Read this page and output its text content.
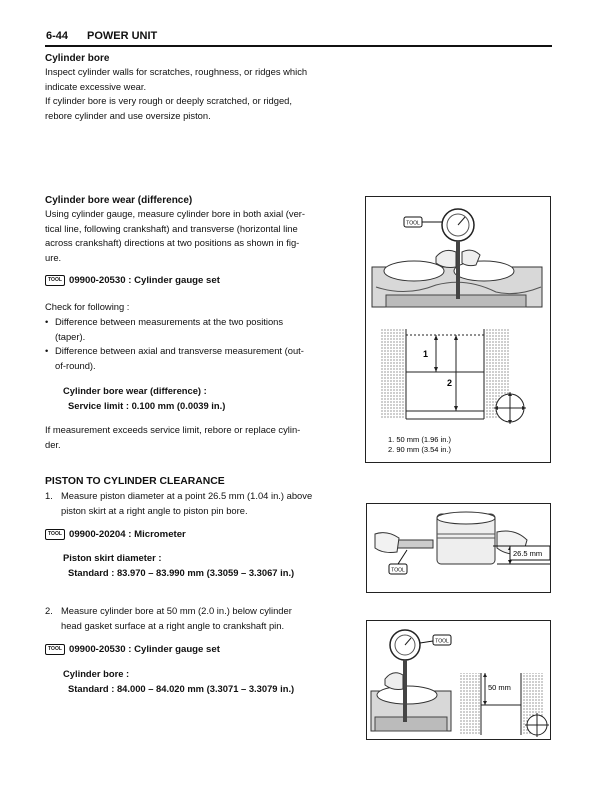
6-44 POWER UNIT
Cylinder bore
Inspect cylinder walls for scratches, roughness, or ridges which
indicate excessive wear.
If cylinder bore is very rough or deeply scratched, or ridged,
rebore cylinder and use oversize piston.
Cylinder bore wear (difference)
Using cylinder gauge, measure cylinder bore in both axial (ver-
tical line, following crankshaft) and transverse (horizontal line
across crankshaft) directions at two positions as shown in fig-
ure.
TOOL 09900-20530 : Cylinder gauge set
Check for following :
• Difference between measurements at the two positions
(taper).
• Difference between axial and transverse measurement (out-
of-round).
Cylinder bore wear (difference) :
Service limit : 0.100 mm (0.0039 in.)
If measurement exceeds service limit, rebore or replace cylin-
der.
TOOL
1
2
1. 50 mm (1.96 in.)
2. 90 mm (3.54 in.)
PISTON TO CYLINDER CLEARANCE
1. Measure piston diameter at a point 26.5 mm (1.04 in.) above
piston skirt at a right angle to piston pin bore.
TOOL 09900-20204 : Micrometer
Piston skirt diameter :
Standard : 83.970 – 83.990 mm (3.3059 – 3.3067 in.)
2. Measure cylinder bore at 50 mm (2.0 in.) below cylinder
head gasket surface at a right angle to crankshaft pin.
TOOL 09900-20530 : Cylinder gauge set
Cylinder bore :
Standard : 84.000 – 84.020 mm (3.3071 – 3.3079 in.)
26.5 mm
TOOL
TOOL
50 mm
